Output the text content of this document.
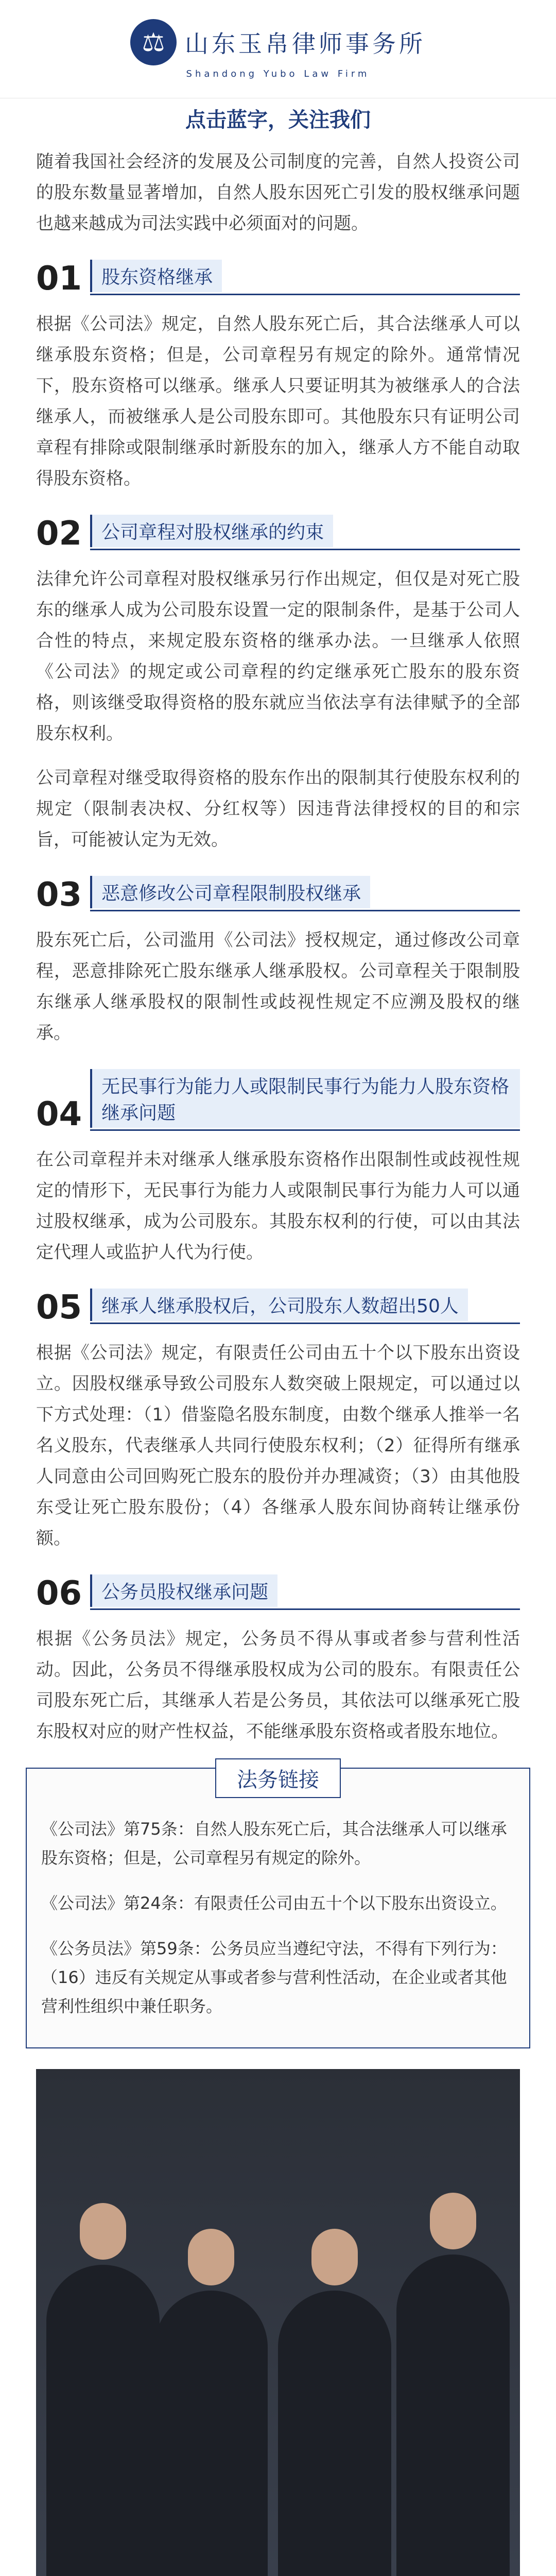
⚖ 山东玉帛律师事务所
Shandong Yubo Law Firm
点击蓝字，关注我们

随着我国社会经济的发展及公司制度的完善，自然人投资公司的股东数量显著增加，自然人股东因死亡引发的股权继承问题也越来越成为司法实践中必须面对的问题。

01	股东资格继承

根据《公司法》规定，自然人股东死亡后，其合法继承人可以继承股东资格；但是，公司章程另有规定的除外。通常情况下，股东资格可以继承。继承人只要证明其为被继承人的合法继承人，而被继承人是公司股东即可。其他股东只有证明公司章程有排除或限制继承时新股东的加入，继承人方不能自动取得股东资格。

02	公司章程对股权继承的约束

法律允许公司章程对股权继承另行作出规定，但仅是对死亡股东的继承人成为公司股东设置一定的限制条件，是基于公司人合性的特点，来规定股东资格的继承办法。一旦继承人依照《公司法》的规定或公司章程的约定继承死亡股东的股东资格，则该继受取得资格的股东就应当依法享有法律赋予的全部股东权利。

公司章程对继受取得资格的股东作出的限制其行使股东权利的规定（限制表决权、分红权等）因违背法律授权的目的和宗旨，可能被认定为无效。

03	恶意修改公司章程限制股权继承

股东死亡后，公司滥用《公司法》授权规定，通过修改公司章程，恶意排除死亡股东继承人继承股权。公司章程关于限制股东继承人继承股权的限制性或歧视性规定不应溯及股权的继承。

04
无民事行为能力人或限制民事行为能力人股东资格继承问题

在公司章程并未对继承人继承股东资格作出限制性或歧视性规定的情形下，无民事行为能力人或限制民事行为能力人可以通过股权继承，成为公司股东。其股东权利的行使，可以由其法定代理人或监护人代为行使。

05	继承人继承股权后，公司股东人数超出50人

根据《公司法》规定，有限责任公司由五十个以下股东出资设立。因股权继承导致公司股东人数突破上限规定，可以通过以下方式处理：（1）借鉴隐名股东制度，由数个继承人推举一名名义股东，代表继承人共同行使股东权利；（2）征得所有继承人同意由公司回购死亡股东的股份并办理减资；（3）由其他股东受让死亡股东股份；（4）各继承人股东间协商转让继承份额。

06	公务员股权继承问题

根据《公务员法》规定，公务员不得从事或者参与营利性活动。因此，公务员不得继承股权成为公司的股东。有限责任公司股东死亡后，其继承人若是公务员，其依法可以继承死亡股东股权对应的财产性权益，不能继承股东资格或者股东地位。

法务链接

《公司法》第75条：自然人股东死亡后，其合法继承人可以继承股东资格；但是，公司章程另有规定的除外。

《公司法》第24条：有限责任公司由五十个以下股东出资设立。

《公务员法》第59条：公务员应当遵纪守法，不得有下列行为：（16）违反有关规定从事或者参与营利性活动，在企业或者其他营利性组织中兼任职务。
